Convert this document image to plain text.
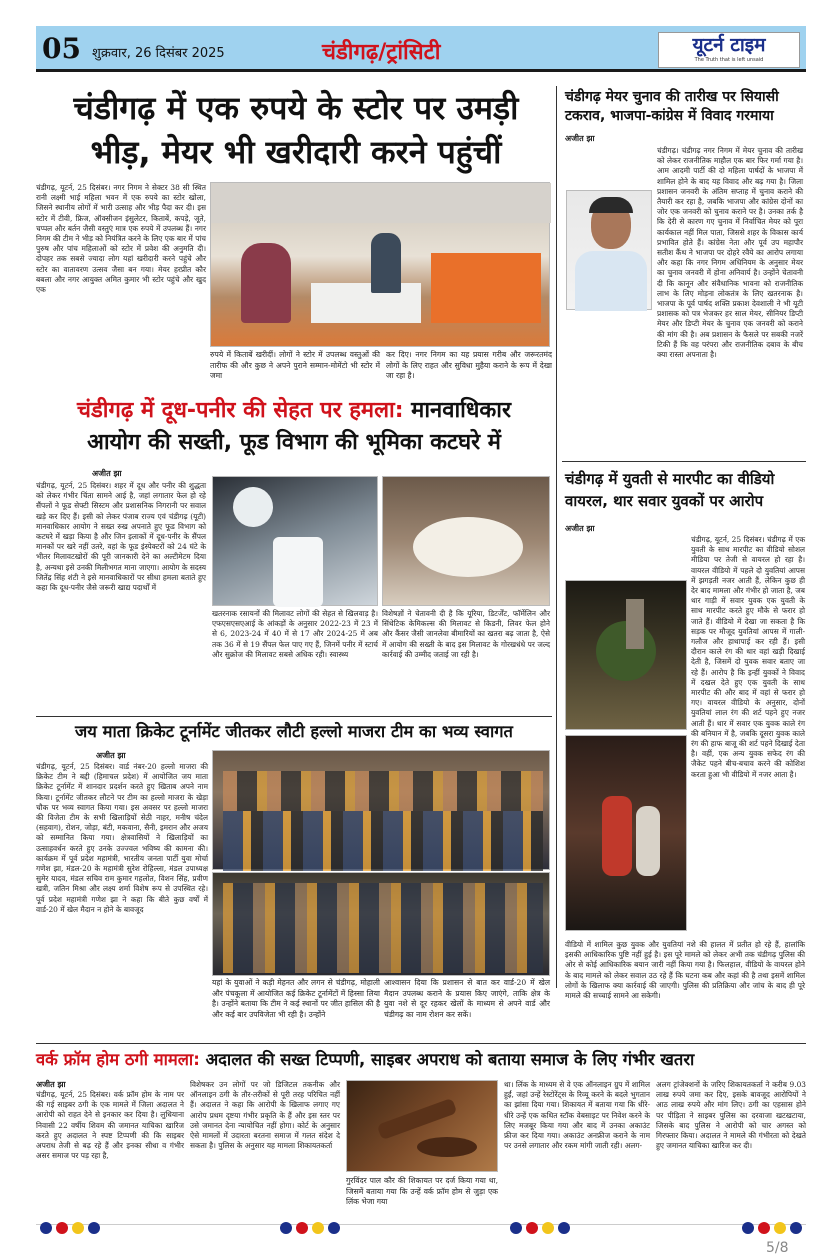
05 शुक्रवार, 26 दिसंबर 2025	चंडीगढ़/ट्रांसिटी	यूटर्न टाइम
The Truth that is left unsaid
चंडीगढ़ में एक रुपये के स्टोर पर उमड़ी भीड़, मेयर भी खरीदारी करने पहुंचीं
चंडीगढ़, यूटर्न, 25 दिसंबर। नगर निगम ने सेक्टर 38 सी स्थित रानी लक्ष्मी भाई महिला भवन में एक रुपये का स्टोर खोला, जिसने स्थानीय लोगों में भारी उत्साह और भीड़ पैदा कर दी। इस स्टोर में टीवी, फ्रिज, ऑक्सीजन इंसुलेटर, किताबें, कपड़े, जूते, चप्पल और बर्तन जैसी वस्तुएं मात्र एक रुपये में उपलब्ध हैं। नगर निगम की टीम ने भीड़ को नियंत्रित करने के लिए एक बार में पांच पुरुष और पांच महिलाओं को स्टोर में प्रवेश की अनुमति दी। दोपहर तक सबसे ज्यादा लोग यहां खरीदारी करने पहुंचे और स्टोर का वातावरण उत्सव जैसा बन गया। मेयर हरप्रीत कौर बबला और नगर आयुक्त अमित कुमार भी स्टोर पहुंचे और खुद एक
रुपये में किताबें खरीदीं। लोगों ने स्टोर में उपलब्ध वस्तुओं की तारीफ की और कुछ ने अपने पुराने सम्मान-मोमेंटो भी स्टोर में जमा
कर दिए। नगर निगम का यह प्रयास गरीब और जरूरतमंद लोगों के लिए राहत और सुविधा मुहैया कराने के रूप में देखा जा रहा है।
चंडीगढ़ में दूध-पनीर की सेहत पर हमला: मानवाधिकार
आयोग की सख्ती, फूड विभाग की भूमिका कटघरे में
अजीत झा
चंडीगढ़, यूटर्न, 25 दिसंबर। शहर में दूध और पनीर की शुद्धता को लेकर गंभीर चिंता सामने आई है, जहां लगातार फेल हो रहे सैंपलों ने फूड सेफ्टी सिस्टम और प्रशासनिक निगरानी पर सवाल खड़े कर दिए हैं। इसी को लेकर पंजाब राज्य एवं चंडीगढ़ (यूटी) मानवाधिकार आयोग ने सख्त रुख अपनाते हुए फूड विभाग को कटघरे में खड़ा किया है और जिन इलाकों में दूध-पनीर के सैंपल मानकों पर खरे नहीं उतरे, वहां के फूड इंस्पेक्टरों को 24 घंटे के भीतर मिलावटखोरों की पूरी जानकारी देने का अल्टीमेटम दिया है, अन्यथा इसे उनकी मिलीभगत माना जाएगा। आयोग के सदस्य जितेंद्र सिंह शंटी ने इसे मानवाधिकारों पर सीधा हमला बताते हुए कहा कि दूध-पनीर जैसे जरूरी खाद्य पदार्थों में
खतरनाक रसायनों की मिलावट लोगों की सेहत से खिलवाड़ है। एफएसएसएआई के आंकड़ों के अनुसार 2022-23 में 23 में से 6, 2023-24 में 40 में से 17 और 2024-25 में अब तक 36 में से 19 सैंपल फेल पाए गए हैं, जिनमें पनीर में स्टार्च और सुक्रोज की मिलावट सबसे अधिक रही। स्वास्थ्य
विशेषज्ञों ने चेतावनी दी है कि यूरिया, डिटर्जेंट, फॉर्मेलिन और सिंथेटिक केमिकल्स की मिलावट से किडनी, लिवर फेल होने और कैंसर जैसी जानलेवा बीमारियों का खतरा बढ़ जाता है, ऐसे में आयोग की सख्ती के बाद इस मिलावट के गोरखधंधे पर जल्द कार्रवाई की उम्मीद जताई जा रही है।
चंडीगढ़ मेयर चुनाव की तारीख पर सियासी टकराव, भाजपा-कांग्रेस में विवाद गरमाया
अजीत झा
चंडीगढ़। चंडीगढ़ नगर निगम में मेयर चुनाव की तारीख को लेकर राजनीतिक माहौल एक बार फिर गर्मा गया है। आम आदमी पार्टी की दो महिला पार्षदों के भाजपा में शामिल होने के बाद यह विवाद और बढ़ गया है। जिला प्रशासन जनवरी के अंतिम सप्ताह में चुनाव कराने की तैयारी कर रहा है, जबकि भाजपा और कांग्रेस दोनों का जोर एक जनवरी को चुनाव कराने पर है। उनका तर्क है कि देरी से कारण गए चुनाव में निर्वाचित मेयर को पूरा कार्यकाल नहीं मिल पाता, जिससे शहर के विकास कार्य प्रभावित होते हैं। कांग्रेस नेता और पूर्व उप महापौर सतीश कैंथ ने भाजपा पर दोहरे रवैये का आरोप लगाया और कहा कि नगर निगम अधिनियम के अनुसार मेयर का चुनाव जनवरी में होना अनिवार्य है। उन्होंने चेतावनी दी कि कानून और संवैधानिक भावना को राजनीतिक लाभ के लिए मोड़ना लोकतंत्र के लिए खतरनाक है। भाजपा के पूर्व पार्षद शक्ति प्रकाश देवशाली ने भी यूटी प्रशासक को पत्र भेजकर हर साल मेयर, सीनियर डिप्टी मेयर और डिप्टी मेयर के चुनाव एक जनवरी को कराने की मांग की है। अब प्रशासन के फैसले पर सबकी नजरें टिकी हैं कि वह परंपरा और राजनीतिक दबाव के बीच क्या रास्ता अपनाता है।
चंडीगढ़ में युवती से मारपीट का वीडियो वायरल, थार सवार युवकों पर आरोप
अजीत झा
चंडीगढ़, यूटर्न, 25 दिसंबर। चंडीगढ़ में एक युवती के साथ मारपीट का वीडियो सोशल मीडिया पर तेजी से वायरल हो रहा है। वायरल वीडियो में पहले दो युवतियां आपस में झगड़ती नजर आती हैं, लेकिन कुछ ही देर बाद मामला और गंभीर हो जाता है, जब थार गाड़ी में सवार युवक एक युवती के साथ मारपीट करते हुए मौके से फरार हो जाते हैं। वीडियो में देखा जा सकता है कि सड़क पर मौजूद युवतियां आपस में गाली-गलौज और हाथापाई कर रही हैं। इसी दौरान काले रंग की थार वहां खड़ी दिखाई देती है, जिसमें दो युवक सवार बताए जा रहे हैं। आरोप है कि इन्हीं युवकों ने विवाद में दखल देते हुए एक युवती के साथ मारपीट की और बाद में वहां से फरार हो गए। वायरल वीडियो के अनुसार, दोनों युवतियां लाल रंग की शर्ट पहने हुए नजर आती हैं। थार में सवार एक युवक काले रंग की बनियान में है, जबकि दूसरा युवक काले रंग की हाफ बाजू की शर्ट पहने दिखाई देता है। वहीं, एक अन्य युवक सफेद रंग की जैकेट पहने बीच-बचाव करने की कोशिश करता हुआ भी वीडियो में नजर आता है।
वीडियो में शामिल कुछ युवक और युवतियां नशे की हालत में प्रतीत हो रहे हैं, हालांकि इसकी आधिकारिक पुष्टि नहीं हुई है। इस पूरे मामले को लेकर अभी तक चंडीगढ़ पुलिस की ओर से कोई आधिकारिक बयान जारी नहीं किया गया है। फिलहाल, वीडियो के वायरल होने के बाद मामले को लेकर सवाल उठ रहे हैं कि घटना कब और कहां की है तथा इसमें शामिल लोगों के खिलाफ क्या कार्रवाई की जाएगी। पुलिस की प्रतिक्रिया और जांच के बाद ही पूरे मामले की सच्चाई सामने आ सकेगी।
जय माता क्रिकेट टूर्नामेंट जीतकर लौटी हल्लो माजरा टीम का भव्य स्वागत
अजीत झा
चंडीगढ़, यूटर्न, 25 दिसंबर। वार्ड नंबर-20 हल्लो माजरा की क्रिकेट टीम ने बद्दी (हिमाचल प्रदेश) में आयोजित जय माता क्रिकेट टूर्नामेंट में शानदार प्रदर्शन करते हुए खिताब अपने नाम किया। टूर्नामेंट जीतकर लौटने पर टीम का हल्लो माजरा के खेड़ा चौक पर भव्य स्वागत किया गया। इस अवसर पर हल्लो माजरा की विजेता टीम के सभी खिलाड़ियों सेठी नाहर, मनीष चंदेल (सहवाग), रोशन, जोड़ा, बंटी, मकवाना, सैनी, इमरान और अजय को सम्मानित किया गया। क्षेत्रवासियों ने खिलाड़ियों का उत्साहवर्धन करते हुए उनके उज्ज्वल भविष्य की कामना की। कार्यक्रम में पूर्व प्रदेश महामंत्री, भारतीय जनता पार्टी युवा मोर्चा गणेश झा, मंडल-20 के महामंत्री सुरेश रोहिल्ला, मंडल उपाध्यक्ष सुमेर यादव, मंडल सचिव राम कुमार गहलोत, विशन सिंह, प्रवीण खत्री, जतिन मिश्रा और लक्ष्य शर्मा विशेष रूप से उपस्थित रहे। पूर्व प्रदेश महामंत्री गणेश झा ने कहा कि बीते कुछ वर्षों में वार्ड-20 में खेल मैदान न होने के बावजूद
यहां के युवाओं ने कड़ी मेहनत और लगन से चंडीगढ़, मोहाली और पंचकूला में आयोजित कई क्रिकेट टूर्नामेंटों में हिस्सा लिया है। उन्होंने बताया कि टीम ने कई स्थानों पर जीत हासिल की है और कई बार उपविजेता भी रही है। उन्होंने
आश्वासन दिया कि प्रशासन से बात कर वार्ड-20 में खेल मैदान उपलब्ध कराने के प्रयास किए जाएंगे, ताकि क्षेत्र के युवा नशे से दूर रहकर खेलों के माध्यम से अपने वार्ड और चंडीगढ़ का नाम रोशन कर सकें।
वर्क फ्रॉम होम ठगी मामला: अदालत की सख्त टिप्पणी, साइबर अपराध को बताया समाज के लिए गंभीर खतरा
अजीत झा
चंडीगढ़, यूटर्न, 25 दिसंबर। वर्क फ्रॉम होम के नाम पर की गई साइबर ठगी के एक मामले में जिला अदालत ने आरोपी को राहत देने से इनकार कर दिया है। लुधियाना निवासी 22 वर्षीय शिवम की जमानत याचिका खारिज करते हुए अदालत ने स्पष्ट टिप्पणी की कि साइबर अपराध तेजी से बढ़ रहे हैं और इनका सीधा व गंभीर असर समाज पर पड़ रहा है,
विशेषकर उन लोगों पर जो डिजिटल तकनीक और ऑनलाइन ठगी के तौर-तरीकों से पूरी तरह परिचित नहीं हैं। अदालत ने कहा कि आरोपी के खिलाफ लगाए गए आरोप प्रथम दृष्टया गंभीर प्रकृति के हैं और इस स्तर पर उसे जमानत देना न्यायोचित नहीं होगा। कोर्ट के अनुसार ऐसे मामलों में उदारता बरतना समाज में गलत संदेश दे सकता है। पुलिस के अनुसार यह मामला शिकायतकर्ता
गुरविंदर पाल कौर की शिकायत पर दर्ज किया गया था, जिसमें बताया गया कि उन्हें वर्क फ्रॉम होम से जुड़ा एक लिंक भेजा गया
था। लिंक के माध्यम से वे एक ऑनलाइन ग्रुप में शामिल हुईं, जहां उन्हें रेस्टोरेंट्स के रिव्यू करने के बदले भुगतान का झांसा दिया गया। शिकायत में बताया गया कि धीरे-धीरे उन्हें एक कथित स्टॉक वेबसाइट पर निवेश करने के लिए मजबूर किया गया और बाद में उनका अकाउंट फ्रीज कर दिया गया। अकाउंट अनफ्रीज कराने के नाम पर उनसे लगातार और रकम मांगी जाती रही। अलग-
अलग ट्रांजेक्शनों के जरिए शिकायतकर्ता ने करीब 9.03 लाख रुपये जमा कर दिए, इसके बावजूद आरोपियों ने आठ लाख रुपये और मांग लिए। ठगी का एहसास होने पर पीड़िता ने साइबर पुलिस का दरवाजा खटखटाया, जिसके बाद पुलिस ने आरोपी को चार अगस्त को गिरफ्तार किया। अदालत ने मामले की गंभीरता को देखते हुए जमानत याचिका खारिज कर दी।
5/8
